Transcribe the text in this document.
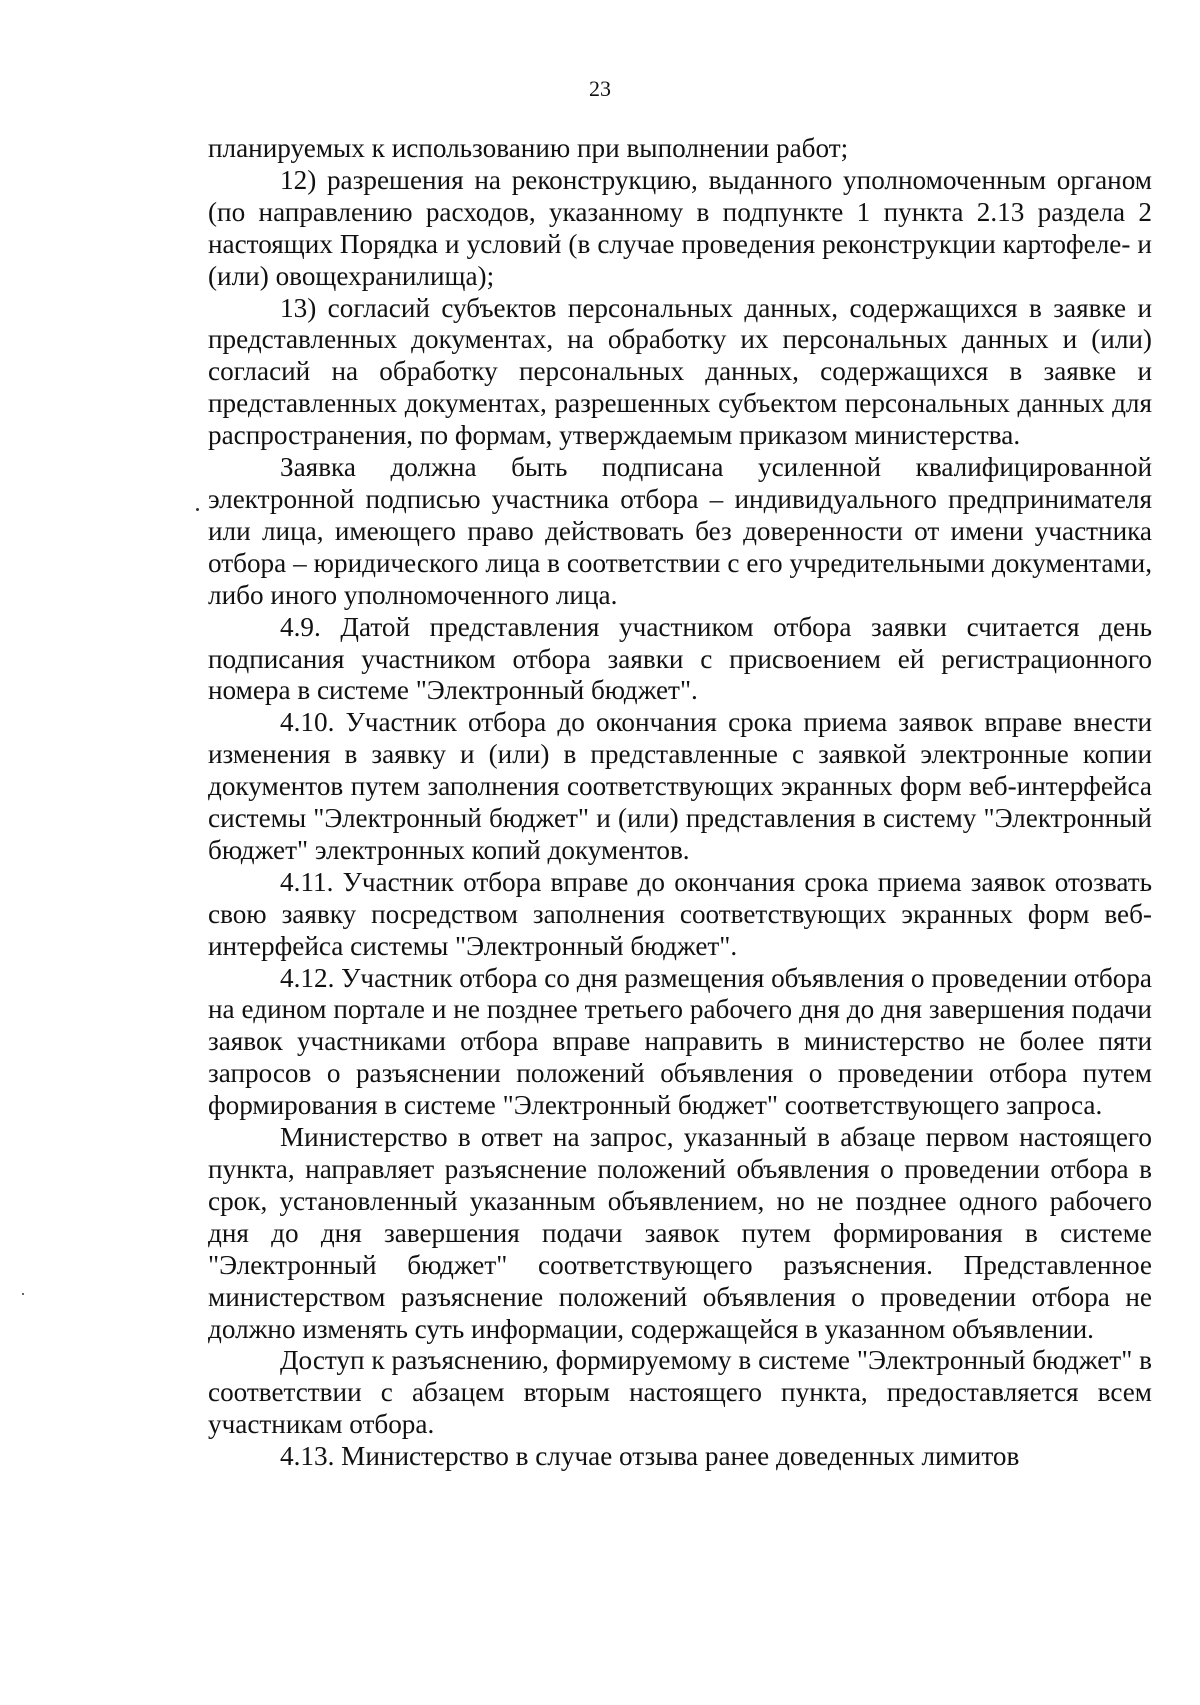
23

планируемых к использованию при выполнении работ;

12) разрешения на реконструкцию, выданного уполномоченным органом (по направлению расходов, указанному в подпункте 1 пункта 2.13 раздела 2 настоящих Порядка и условий (в случае проведения реконструкции картофеле- и (или) овощехранилища);

13) согласий субъектов персональных данных, содержащихся в заявке и представленных документах, на обработку их персональных данных и (или) согласий на обработку персональных данных, содержащихся в заявке и представленных документах, разрешенных субъектом персональных данных для распространения, по формам, утверждаемым приказом министерства.

Заявка должна быть подписана усиленной квалифицированной электронной подписью участника отбора – индивидуального предпринимателя или лица, имеющего право действовать без доверенности от имени участника отбора – юридического лица в соответствии с его учредительными документами, либо иного уполномоченного лица.

4.9. Датой представления участником отбора заявки считается день подписания участником отбора заявки с присвоением ей регистрационного номера в системе "Электронный бюджет".

4.10. Участник отбора до окончания срока приема заявок вправе внести изменения в заявку и (или) в представленные с заявкой электронные копии документов путем заполнения соответствующих экранных форм веб-интерфейса системы "Электронный бюджет" и (или) представления в систему "Электронный бюджет" электронных копий документов.

4.11. Участник отбора вправе до окончания срока приема заявок отозвать свою заявку посредством заполнения соответствующих экранных форм веб-интерфейса системы "Электронный бюджет".

4.12. Участник отбора со дня размещения объявления о проведении отбора на едином портале и не позднее третьего рабочего дня до дня завершения подачи заявок участниками отбора вправе направить в министерство не более пяти запросов о разъяснении положений объявления о проведении отбора путем формирования в системе "Электронный бюджет" соответствующего запроса.

Министерство в ответ на запрос, указанный в абзаце первом настоящего пункта, направляет разъяснение положений объявления о проведении отбора в срок, установленный указанным объявлением, но не позднее одного рабочего дня до дня завершения подачи заявок путем формирования в системе "Электронный бюджет" соответствующего разъяснения. Представленное министерством разъяснение положений объявления о проведении отбора не должно изменять суть информации, содержащейся в указанном объявлении.

Доступ к разъяснению, формируемому в системе "Электронный бюджет" в соответствии с абзацем вторым настоящего пункта, предоставляется всем участникам отбора.

4.13. Министерство в случае отзыва ранее доведенных лимитов
